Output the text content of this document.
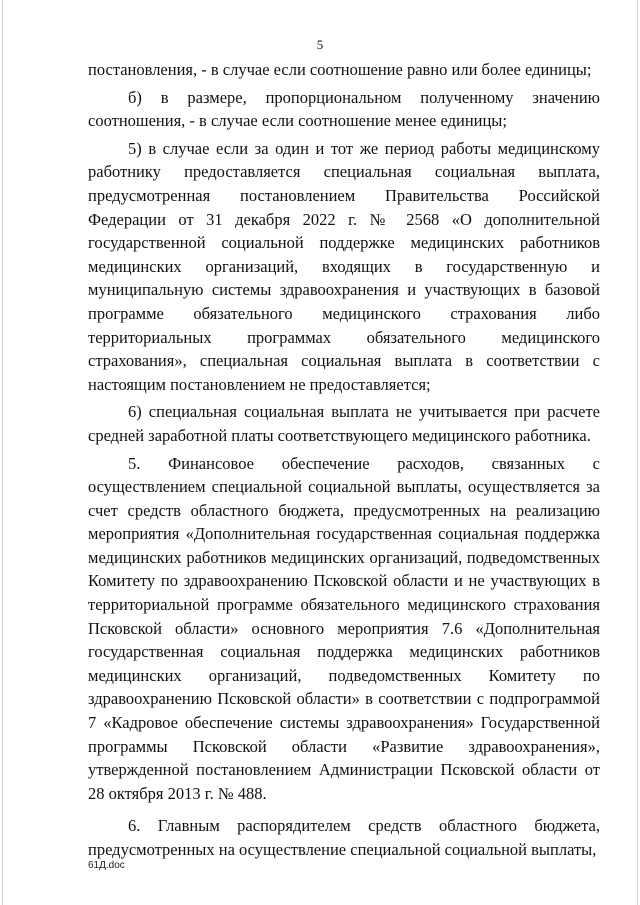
5

постановления, - в случае если соотношение равно или более единицы;

б) в размере, пропорциональном полученному значению соотношения, - в случае если соотношение менее единицы;

5) в случае если за один и тот же период работы медицинскому работнику предоставляется специальная социальная выплата, предусмотренная постановлением Правительства Российской Федерации от 31 декабря 2022 г. № 2568 «О дополнительной государственной социальной поддержке медицинских работников медицинских организаций, входящих в государственную и муниципальную системы здравоохранения и участвующих в базовой программе обязательного медицинского страхования либо территориальных программах обязательного медицинского страхования», специальная социальная выплата в соответствии с настоящим постановлением не предоставляется;

6) специальная социальная выплата не учитывается при расчете средней заработной платы соответствующего медицинского работника.

5. Финансовое обеспечение расходов, связанных с осуществлением специальной социальной выплаты, осуществляется за счет средств областного бюджета, предусмотренных на реализацию мероприятия «Дополнительная государственная социальная поддержка медицинских работников медицинских организаций, подведомственных Комитету по здравоохранению Псковской области и не участвующих в территориальной программе обязательного медицинского страхования Псковской области» основного мероприятия 7.6 «Дополнительная государственная социальная поддержка медицинских работников медицинских организаций, подведомственных Комитету по здравоохранению Псковской области» в соответствии с подпрограммой 7 «Кадровое обеспечение системы здравоохранения» Государственной программы Псковской области «Развитие здравоохранения», утвержденной постановлением Администрации Псковской области от 28 октября 2013 г. № 488.

6. Главным распорядителем средств областного бюджета, предусмотренных на осуществление специальной социальной выплаты,

61Д.doc
